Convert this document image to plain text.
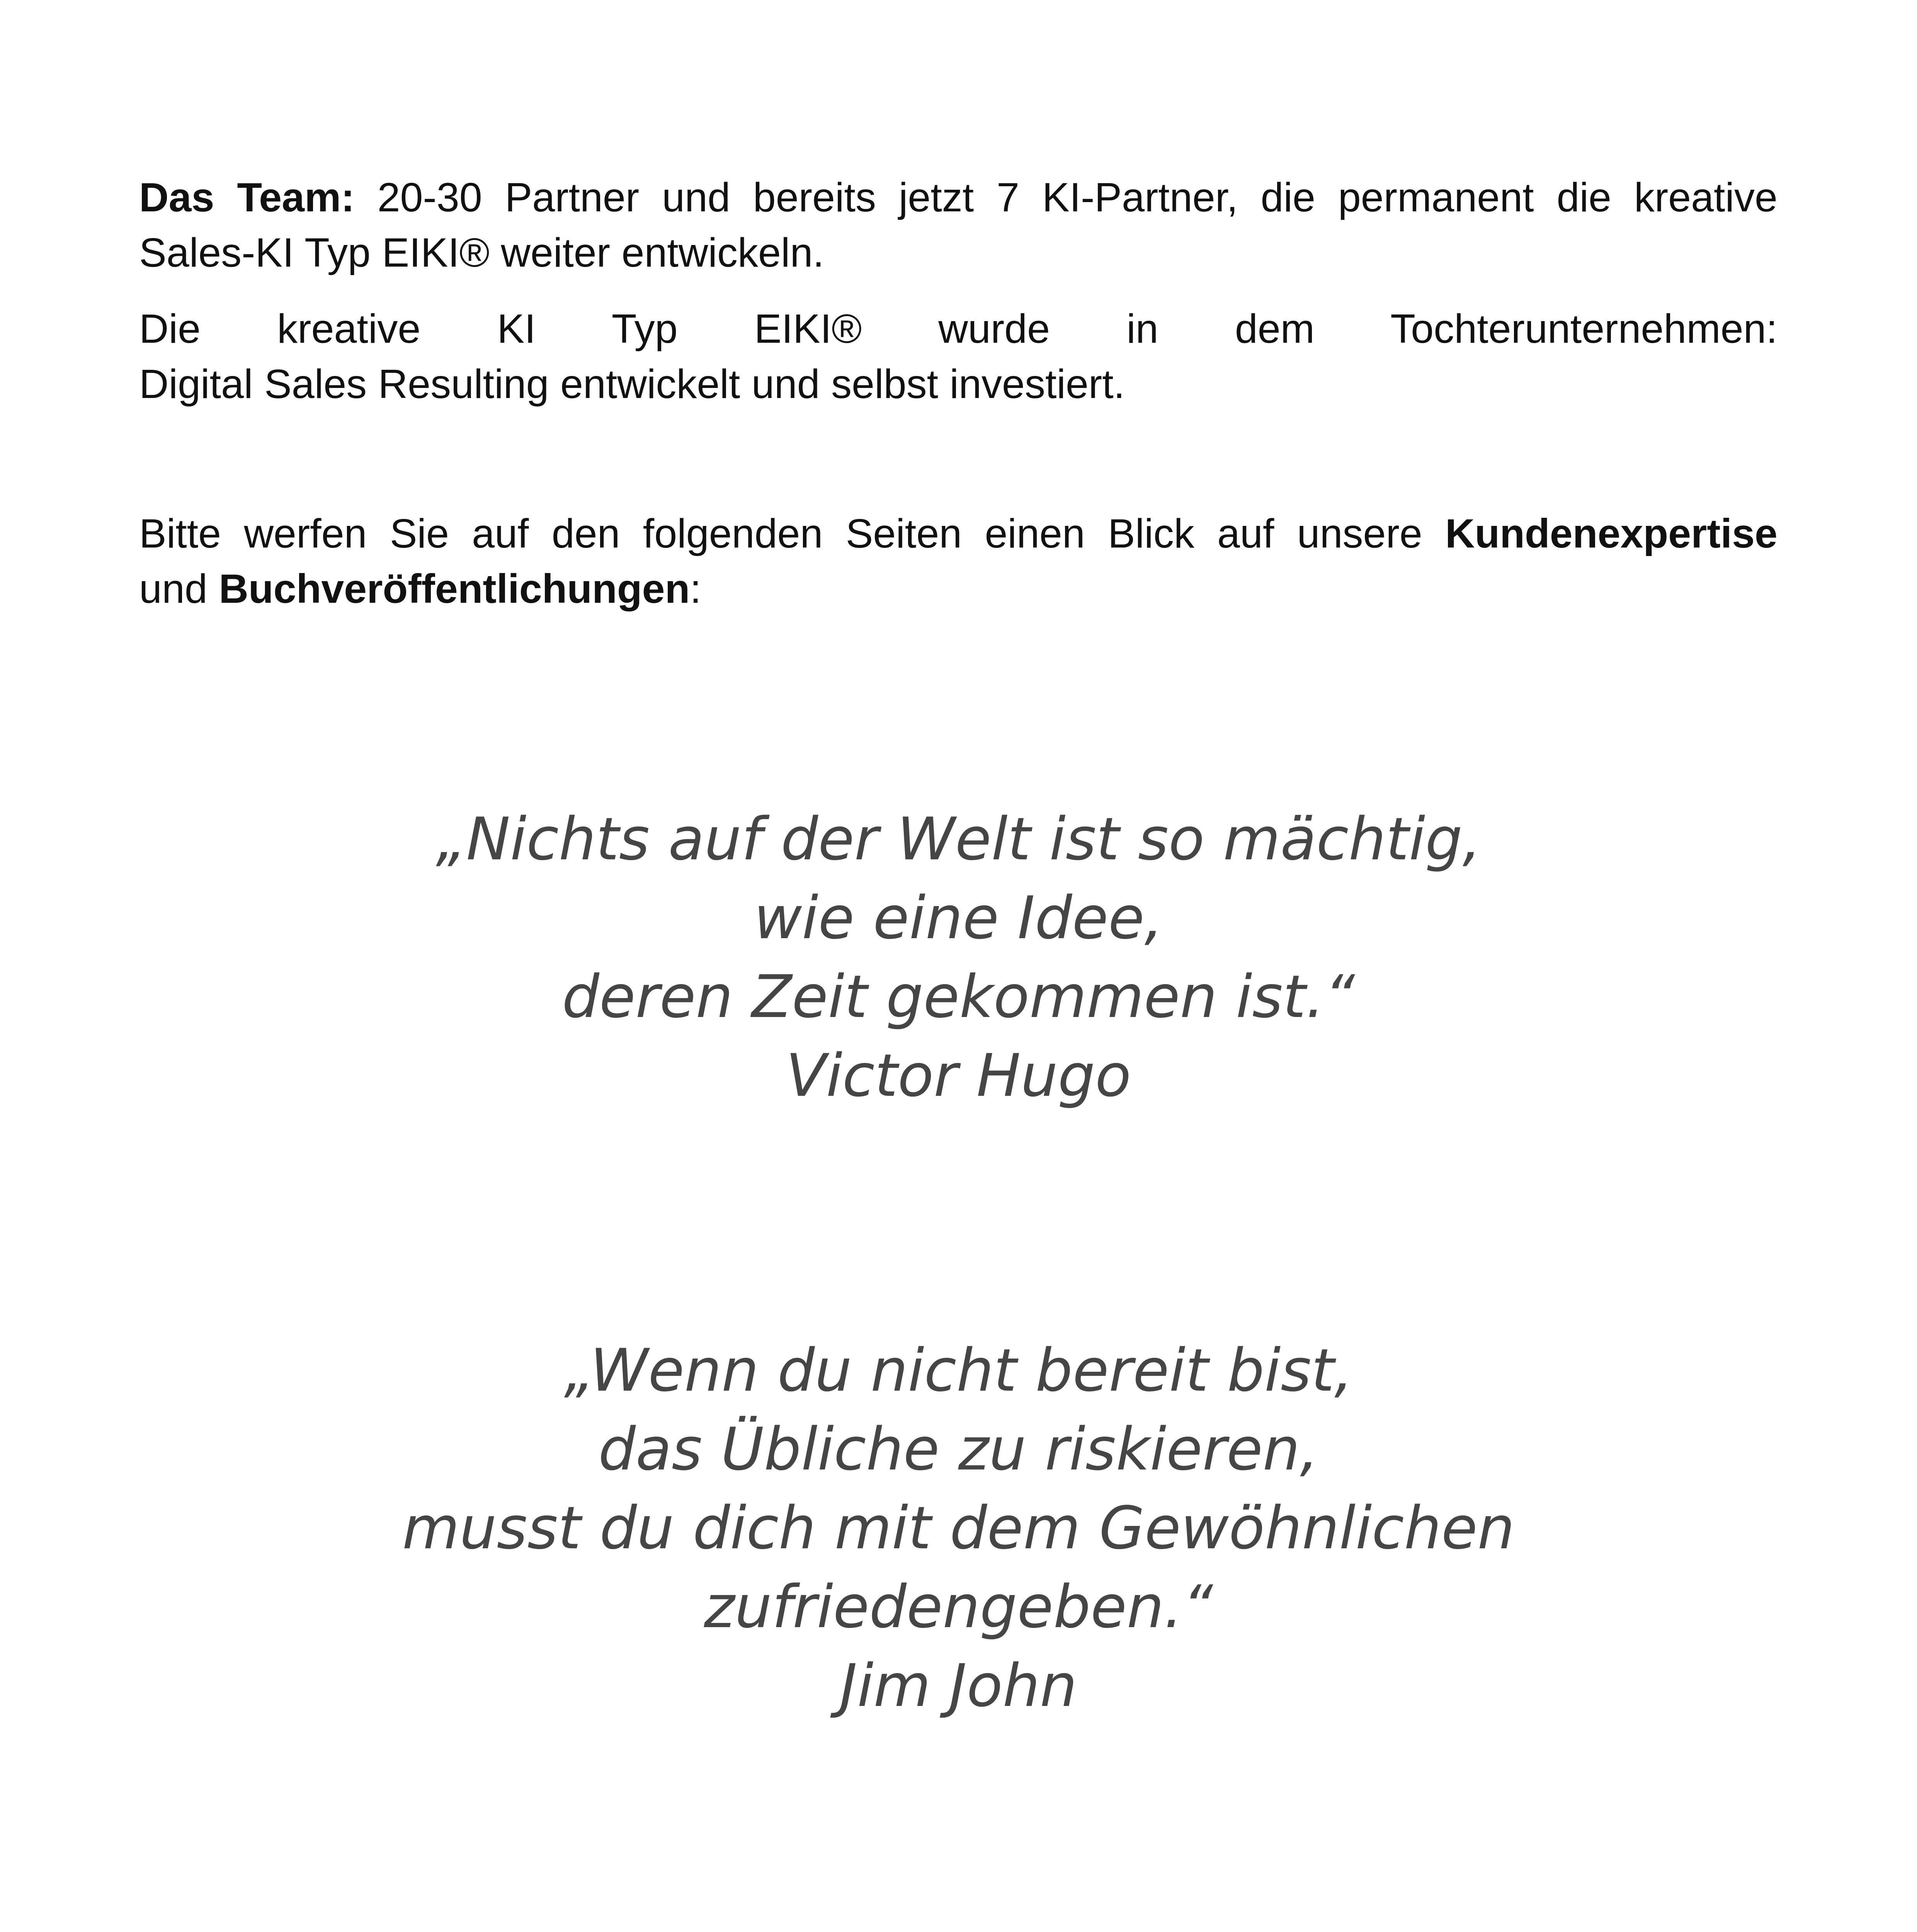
Das Team: 20-30 Partner und bereits jetzt 7 KI-Partner, die permanent die kreative
Sales-KI Typ EIKI® weiter entwickeln.
Die kreative KI Typ EIKI® wurde in dem Tochterunternehmen:
Digital Sales Resulting entwickelt und selbst investiert.
Bitte werfen Sie auf den folgenden Seiten einen Blick auf unsere Kundenexpertise
und Buchveröffentlichungen:
„Nichts auf der Welt ist so mächtig,
wie eine Idee,
deren Zeit gekommen ist.“
Victor Hugo
„Wenn du nicht bereit bist,
das Übliche zu riskieren,
musst du dich mit dem Gewöhnlichen
zufriedengeben.“
Jim John
